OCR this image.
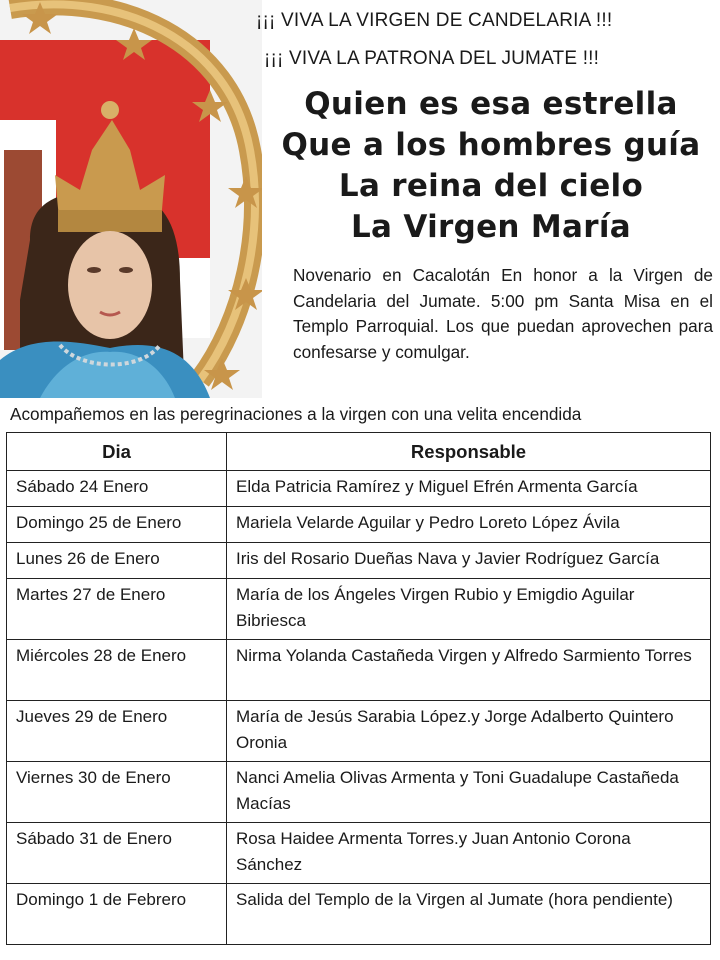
¡¡¡ VIVA LA VIRGEN DE CANDELARIA !!!
¡¡¡ VIVA LA PATRONA DEL JUMATE !!!
Quien es esa estrella
Que a los hombres guía
La reina del cielo
La Virgen María
Novenario en Cacalotán En honor a la Virgen de Candelaria del Jumate. 5:00 pm Santa Misa en el Templo Parroquial. Los que puedan aprovechen para confesarse y comulgar.
Acompañemos en las peregrinaciones a la virgen con una velita encendida
Dia	Responsable
Sábado 24 Enero	Elda Patricia Ramírez y Miguel Efrén Armenta García
Domingo 25 de Enero	Mariela Velarde Aguilar y Pedro Loreto López Ávila
Lunes 26 de Enero	Iris del Rosario Dueñas Nava y Javier Rodríguez García
Martes 27 de Enero	María de los Ángeles Virgen Rubio y Emigdio Aguilar Bibriesca
Miércoles 28 de Enero	Nirma Yolanda Castañeda Virgen y Alfredo Sarmiento Torres
Jueves 29 de Enero	María de Jesús Sarabia López.y Jorge Adalberto Quintero Oronia
Viernes 30 de Enero	Nanci Amelia Olivas Armenta y Toni Guadalupe Castañeda Macías
Sábado 31 de Enero	Rosa Haidee Armenta Torres.y Juan Antonio Corona Sánchez
Domingo 1 de Febrero	Salida del Templo de la Virgen al Jumate (hora pendiente)
